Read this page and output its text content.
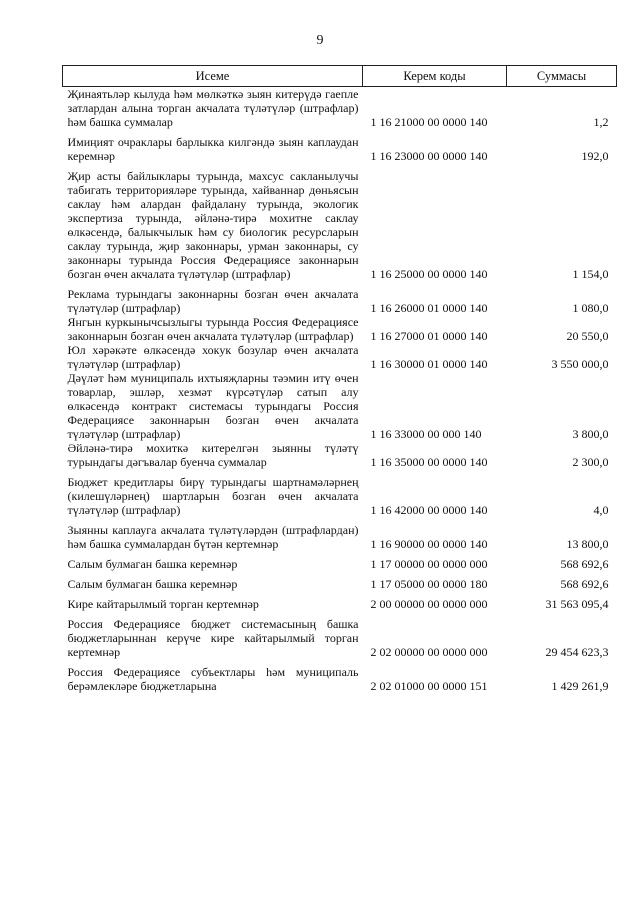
9
Исеме	Керем коды	Суммасы
Җинаятьләр кылуда һәм мөлкәткә зыян китерүдә гаепле затлардан алына торган акчалата түләтүләр (штрафлар) һәм башка суммалар	1 16 21000 00 0000 140	1,2
Имиңият очраклары барлыкка килгәндә зыян каплаудан керемнәр	1 16 23000 00 0000 140	192,0
Җир асты байлыклары турында, махсус сакланылучы табигать территорияләре турында, хайваннар дөньясын саклау һәм алардан файдалану турында, экологик экспертиза турында, әйләнә-тирә мохитне саклау өлкәсендә, балыкчылык һәм су биологик ресурсларын саклау турында, җир законнары, урман законнары, су законнары турында Россия Федерациясе законнарын бозган өчен акчалата түләтүләр (штрафлар)	1 16 25000 00 0000 140	1 154,0
Реклама турындагы законнарны бозган өчен акчалата түләтүләр (штрафлар)	1 16 26000 01 0000 140	1 080,0
Янгын куркынычсызлыгы турында Россия Федерациясе законнарын бозган өчен акчалата түләтүләр (штрафлар)	1 16 27000 01 0000 140	20 550,0
Юл хәрәкәте өлкәсендә хокук бозулар өчен акчалата түләтүләр (штрафлар)	1 16 30000 01 0000 140	3 550 000,0
Дәүләт һәм муниципаль ихтыяҗларны тәэмин итү өчен товарлар, эшләр, хезмәт күрсәтүләр сатып алу өлкәсендә контракт системасы турындагы Россия Федерациясе законнарын бозган өчен акчалата түләтүләр (штрафлар)	1 16 33000 00 000 140	3 800,0
Әйләнә-тирә мохиткә китерелгән зыянны түләтү турындагы дәгъвалар буенча суммалар	1 16 35000 00 0000 140	2 300,0
Бюджет кредитлары бирү турындагы шартнамәләрнең (килешүләрнең) шартларын бозган өчен акчалата түләтүләр (штрафлар)	1 16 42000 00 0000 140	4,0
Зыянны каплауга акчалата түләтүләрдән (штрафлардан) һәм башка суммалардан бүтән кертемнәр	1 16 90000 00 0000 140	13 800,0
Салым булмаган башка керемнәр	1 17 00000 00 0000 000	568 692,6
Салым булмаган башка керемнәр	1 17 05000 00 0000 180	568 692,6
Кире кайтарылмый торган кертемнәр	2 00 00000 00 0000 000	31 563 095,4
Россия Федерациясе бюджет системасының башка бюджетларыннан керүче кире кайтарылмый торган кертемнәр	2 02 00000 00 0000 000	29 454 623,3
Россия Федерациясе субъектлары һәм муниципаль берәмлекләре бюджетларына	2 02 01000 00 0000 151	1 429 261,9
